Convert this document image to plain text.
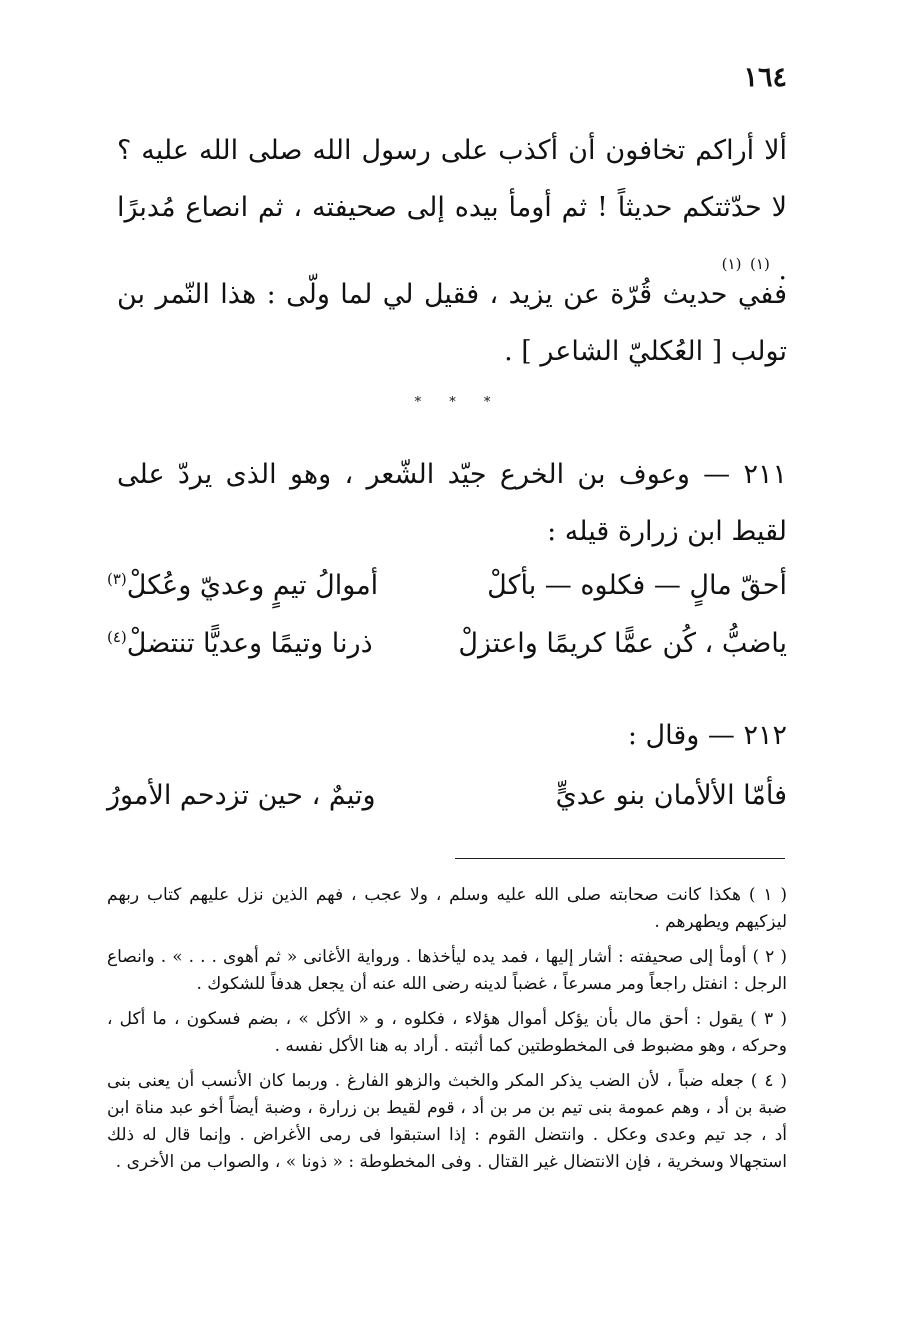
١٦٤
ألا أراكم تخافون أن أكذب على رسول الله صلى الله عليه ؟ لا حدّثتكم حديثاً ! ثم أومأ بيده إلى صحيفته ، ثم انصاع مُدبرًا . $^{(١)}$ $^{(١)}$
ففي حديث قُرّة عن يزيد ، فقيل لي لما ولّى : هذا النّمر بن تولب [ العُكليّ الشاعر ] .
* * *
٢١١ — وعوف بن الخرع جيّد الشّعر ، وهو الذى يردّ على لقيط ابن زرارة قيله :
أحقّ مالٍ — فكلوه — بأكلْ
أموالُ تيمٍ وعديّ وعُكلْ$^{(٣)}$
ياضبُّ ، كُن عمًّا كريمًا واعتزلْ
ذرنا وتيمًا وعديًّا تنتضلْ$^{(٤)}$
٢١٢ — وقال :
فأمّا الألأمان بنو عديٍّ
وتيمٌ ، حين تزدحم الأمورُ

( ١ ) هكذا كانت صحابته صلى الله عليه وسلم ، ولا عجب ، فهم الذين نزل عليهم كتاب ربهم ليزكيهم ويطهرهم .

( ٢ ) أومأ إلى صحيفته : أشار إليها ، فمد يده ليأخذها . ورواية الأغانى « ثم أهوى . . . » . وانصاع الرجل : انفتل راجعاً ومر مسرعاً ، غضباً لدينه رضى الله عنه أن يجعل هدفاً للشكوك .

( ٣ ) يقول : أحق مال بأن يؤكل أموال هؤلاء ، فكلوه ، و « الأكل » ، بضم فسكون ، ما أكل ، وحركه ، وهو مضبوط فى المخطوطتين كما أثبته . أراد به هنا الأكل نفسه .

( ٤ ) جعله ضباً ، لأن الضب يذكر المكر والخبث والزهو الفارغ . وربما كان الأنسب أن يعنى بنى ضبة بن أد ، وهم عمومة بنى تيم بن مر بن أد ، قوم لقيط بن زرارة ، وضبة أيضاً أخو عبد مناة ابن أد ، جد تيم وعدى وعكل . وانتضل القوم : إذا استبقوا فى رمى الأغراض . وإنما قال له ذلك استجهالا وسخرية ، فإن الانتضال غير القتال . وفى المخطوطة : « ذونا » ، والصواب من الأخرى .
